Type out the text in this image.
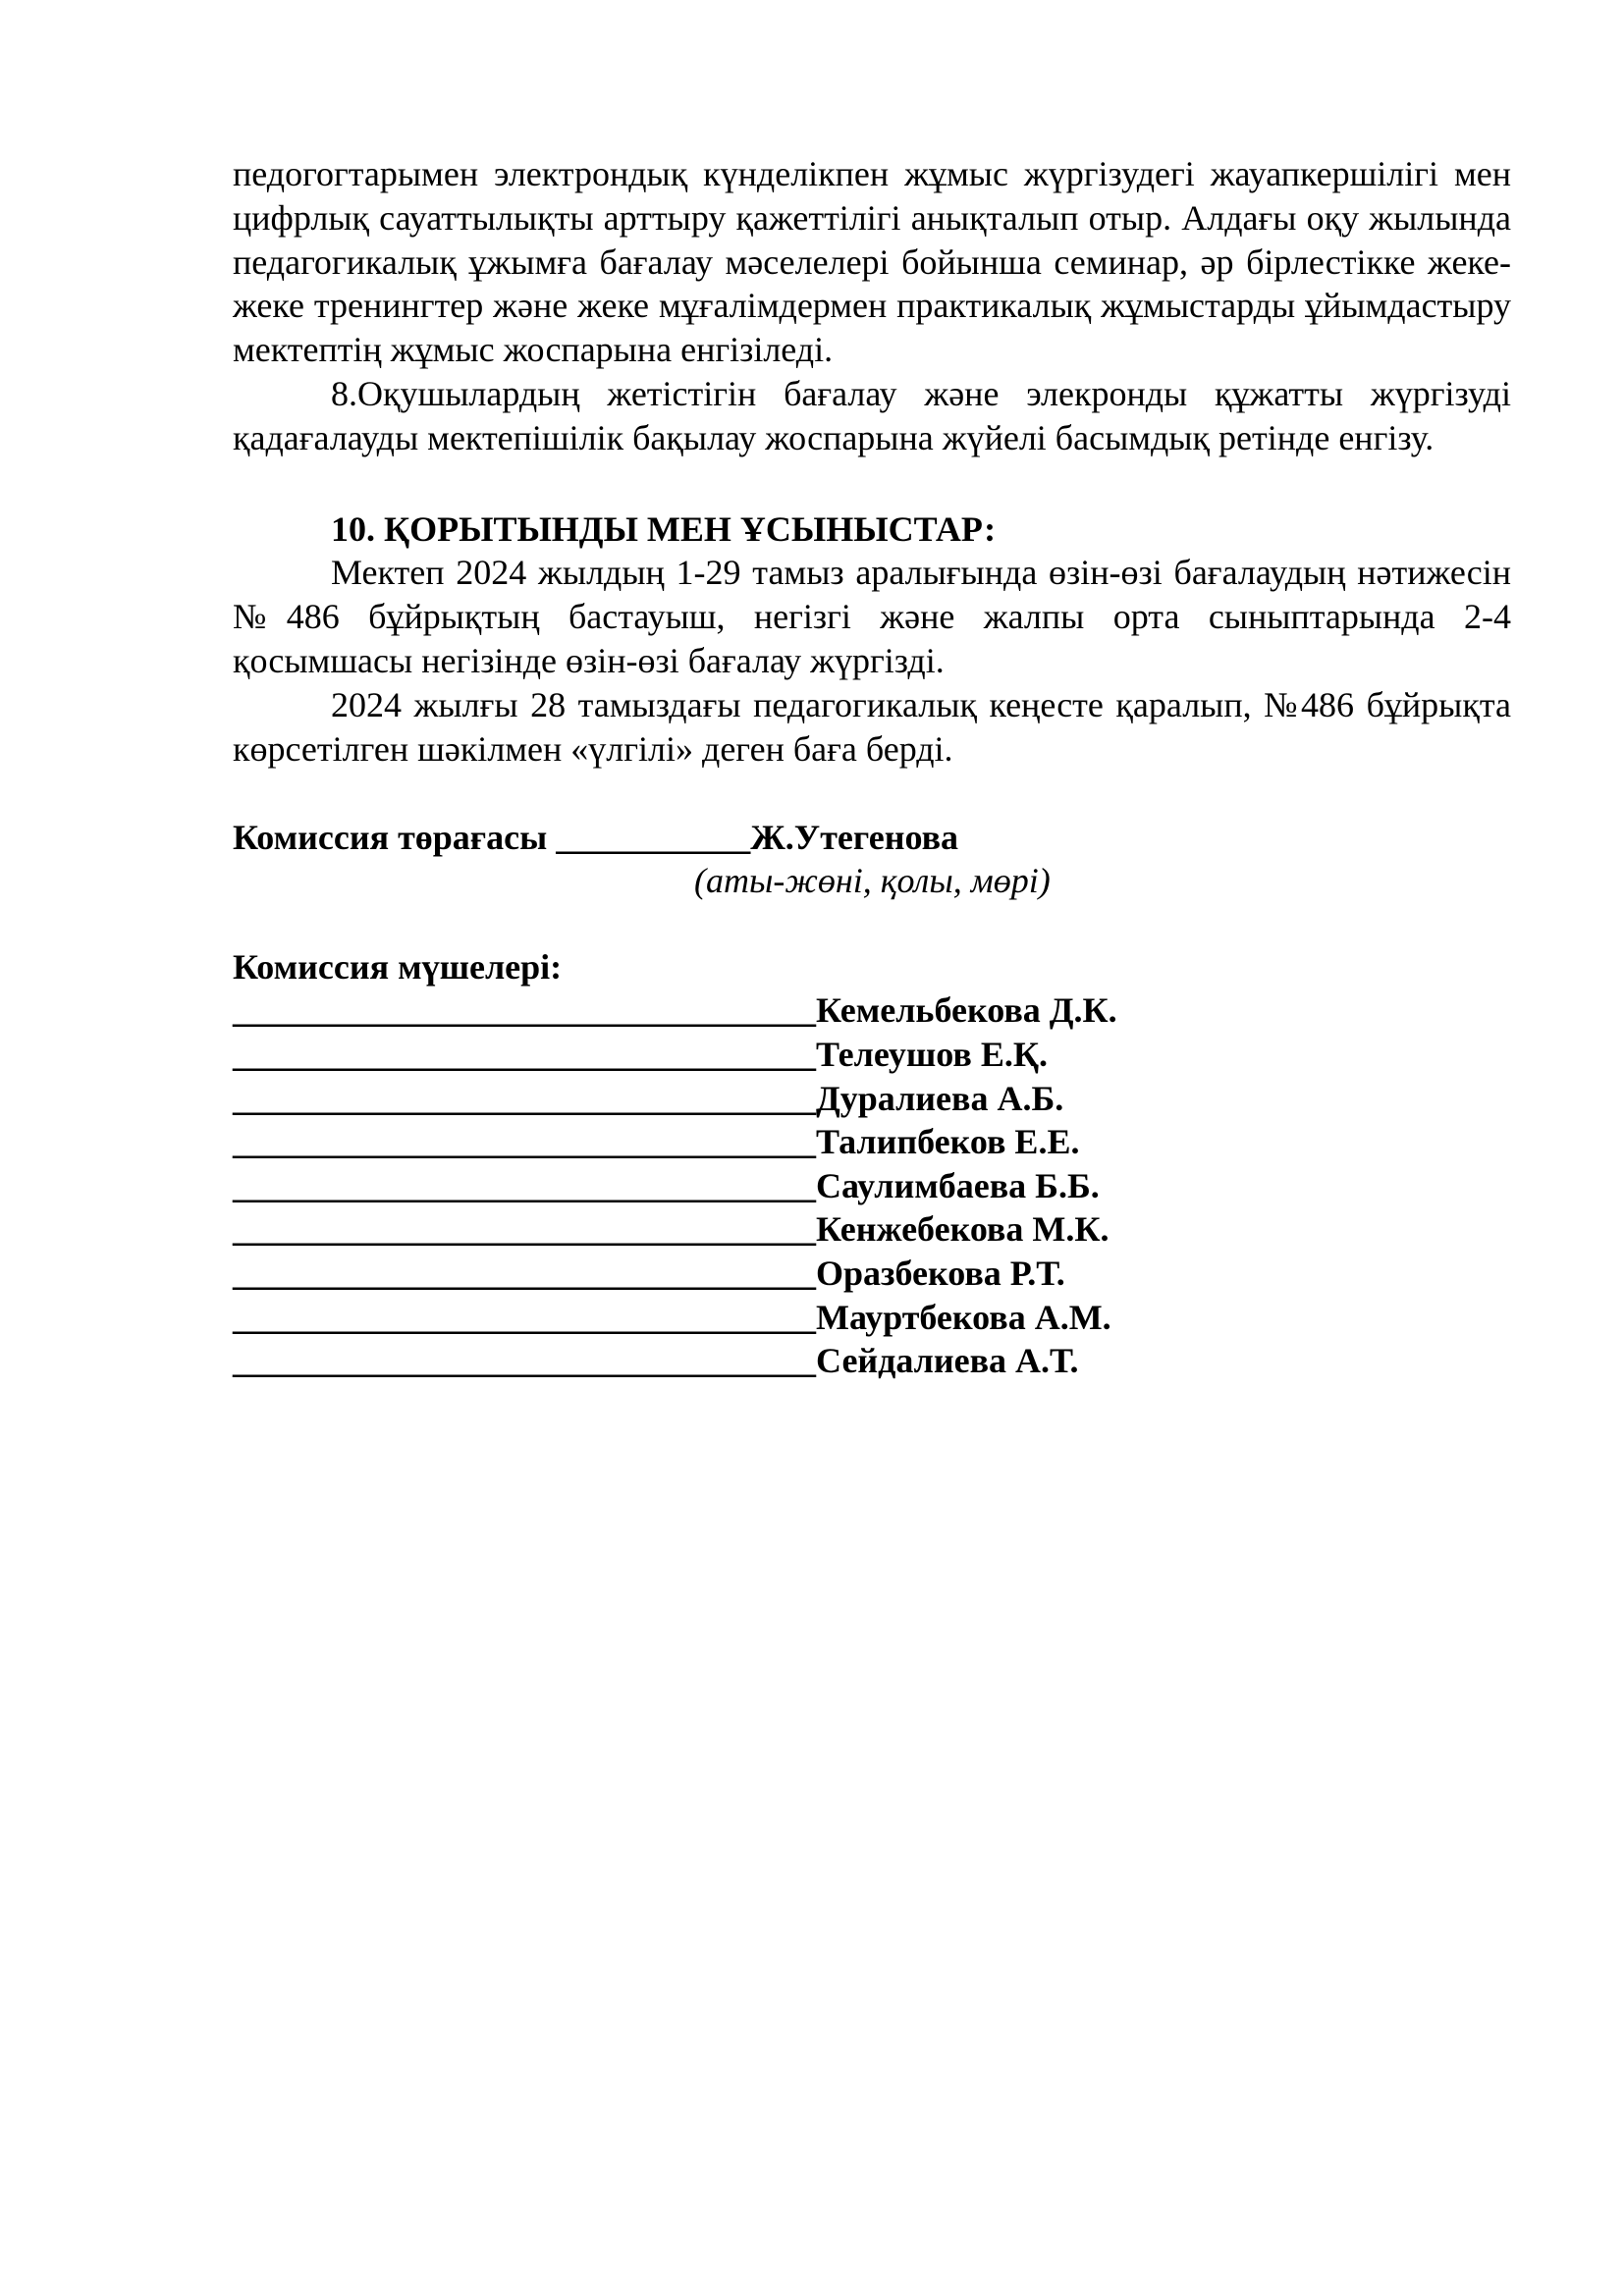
педогогтарымен электрондық күнделікпен жұмыс жүргізудегі жауапкершілігі мен цифрлық сауаттылықты арттыру қажеттілігі анықталып отыр. Алдағы оқу жылында педагогикалық ұжымға бағалау мәселелері бойынша семинар, әр бірлестікке жеке-жеке тренингтер және жеке мұғалімдермен практикалық жұмыстарды ұйымдастыру мектептің жұмыс жоспарына енгізіледі.

8.Оқушылардың жетістігін бағалау және элекронды құжатты жүргізуді қадағалауды мектепішілік бақылау жоспарына жүйелі басымдық ретінде енгізу.

10. ҚОРЫТЫНДЫ МЕН ҰСЫНЫСТАР:

Мектеп 2024 жылдың 1-29 тамыз аралығында өзін-өзі бағалаудың нәтижесін №486 бұйрықтың бастауыш, негізгі және жалпы орта сыныптарында 2-4 қосымшасы негізінде өзін-өзі бағалау жүргізді.

2024 жылғы 28 тамыздағы педагогикалық кеңесте қаралып, №486 бұйрықта көрсетілген шәкілмен «үлгілі» деген баға берді.

Комиссия төрағасы ___________Ж.Утегенова

(аты-жөні, қолы, мөрі)

Комиссия мүшелері:

_________________________________Кемельбекова Д.К.
_________________________________Телеушов Е.Қ.
_________________________________Дуралиева А.Б.
_________________________________Талипбеков Е.Е.
_________________________________Саулимбаева Б.Б.
_________________________________Кенжебекова М.К.
_________________________________Оразбекова Р.Т.
_________________________________Мауртбекова А.М.
_________________________________Сейдалиева А.Т.
